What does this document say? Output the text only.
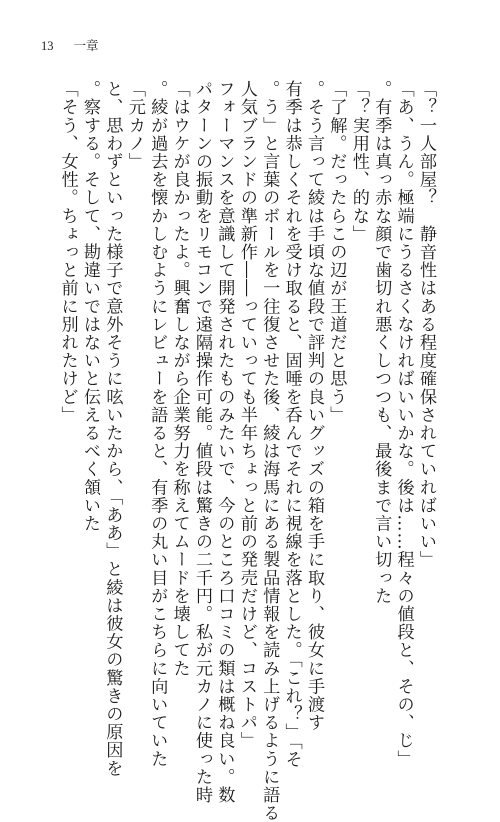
13 一章
「一人部屋？　静音性はある程度確保されていればいい？」
「あ、うん。極端にうるさくなければいいかな。後は……程々の値段と、その、じ」
　有季は真っ赤な顔で歯切れ悪くしつつも、最後まで言い切った。
「実用性、的な？」
「了解。だったらこの辺が王道だと思う」
　そう言って綾は手頃な値段で評判の良いグッズの箱を手に取り、彼女に手渡す。
　有季は恭しくそれを受け取ると、固唾を呑んでそれに視線を落とした。「これ？」「そ
う」と言葉のボールを一往復させた後、綾は海馬にある製品情報を読み上げるように語る。
「人気ブランドの準新作――っていっても半年ちょっと前の発売だけど、コストパ
フォーマンスを意識して開発されたものみたいで、今のところ口コミの類は概ね良い。数
パターンの振動をリモコンで遠隔操作可能。値段は驚きの二千円。私が元カノに使った時
はウケが良かったよ。興奮しながら企業努力を称えてムードを壊してた」
　綾が過去を懐かしむようにレビューを語ると、有季の丸い目がこちらに向いていた。
「元カノ」
　と、思わずといった様子で意外そうに呟いたから、「ああ」と綾は彼女の驚きの原因を
察する。そして、勘違いではないと伝えるべく頷いた。
「そう、女性。ちょっと前に別れたけど」
